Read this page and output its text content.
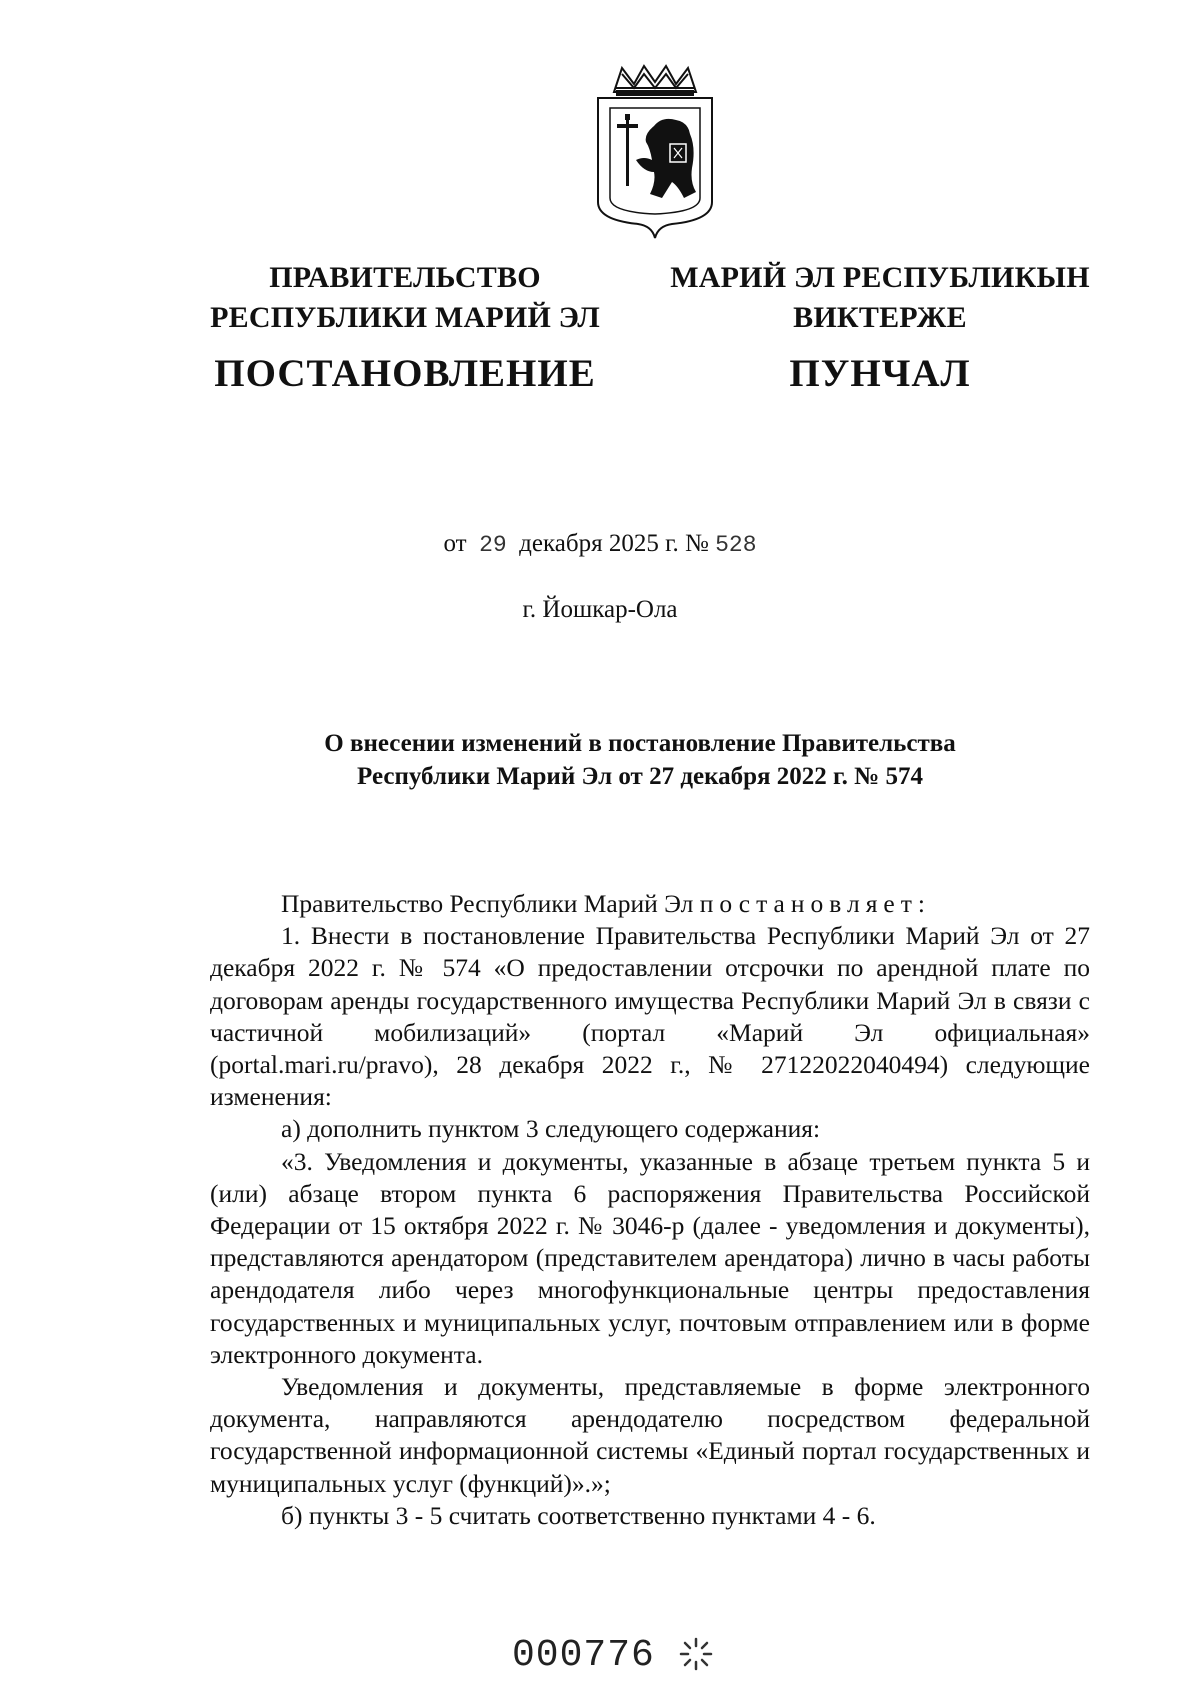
ПРАВИТЕЛЬСТВО
РЕСПУБЛИКИ МАРИЙ ЭЛ
ПОСТАНОВЛЕНИЕ
МАРИЙ ЭЛ РЕСПУБЛИКЫН
ВИКТЕРЖЕ
ПУНЧАЛ
от 29 декабря 2025 г. № 528
г. Йошкар-Ола
О внесении изменений в постановление Правительства
Республики Марий Эл от 27 декабря 2022 г. № 574

Правительство Республики Марий Эл постановляет:

1. Внести в постановление Правительства Республики Марий Эл от 27 декабря 2022 г. № 574 «О предоставлении отсрочки по арендной плате по договорам аренды государственного имущества Республики Марий Эл в связи с частичной мобилизаций» (портал «Марий Эл официальная» (portal.mari.ru/pravo), 28 декабря 2022 г., № 27122022040494) следующие изменения:

а) дополнить пунктом 3 следующего содержания:

«3. Уведомления и документы, указанные в абзаце третьем пункта 5 и (или) абзаце втором пункта 6 распоряжения Правительства Российской Федерации от 15 октября 2022 г. № 3046-р (далее - уведомления и документы), представляются арендатором (представителем арендатора) лично в часы работы арендодателя либо через многофункциональные центры предоставления государственных и муниципальных услуг, почтовым отправлением или в форме электронного документа.

Уведомления и документы, представляемые в форме электронного документа, направляются арендодателю посредством федеральной государственной информационной системы «Единый портал государственных и муниципальных услуг (функций)».»;

б) пункты 3 - 5 считать соответственно пунктами 4 - 6.

000776
